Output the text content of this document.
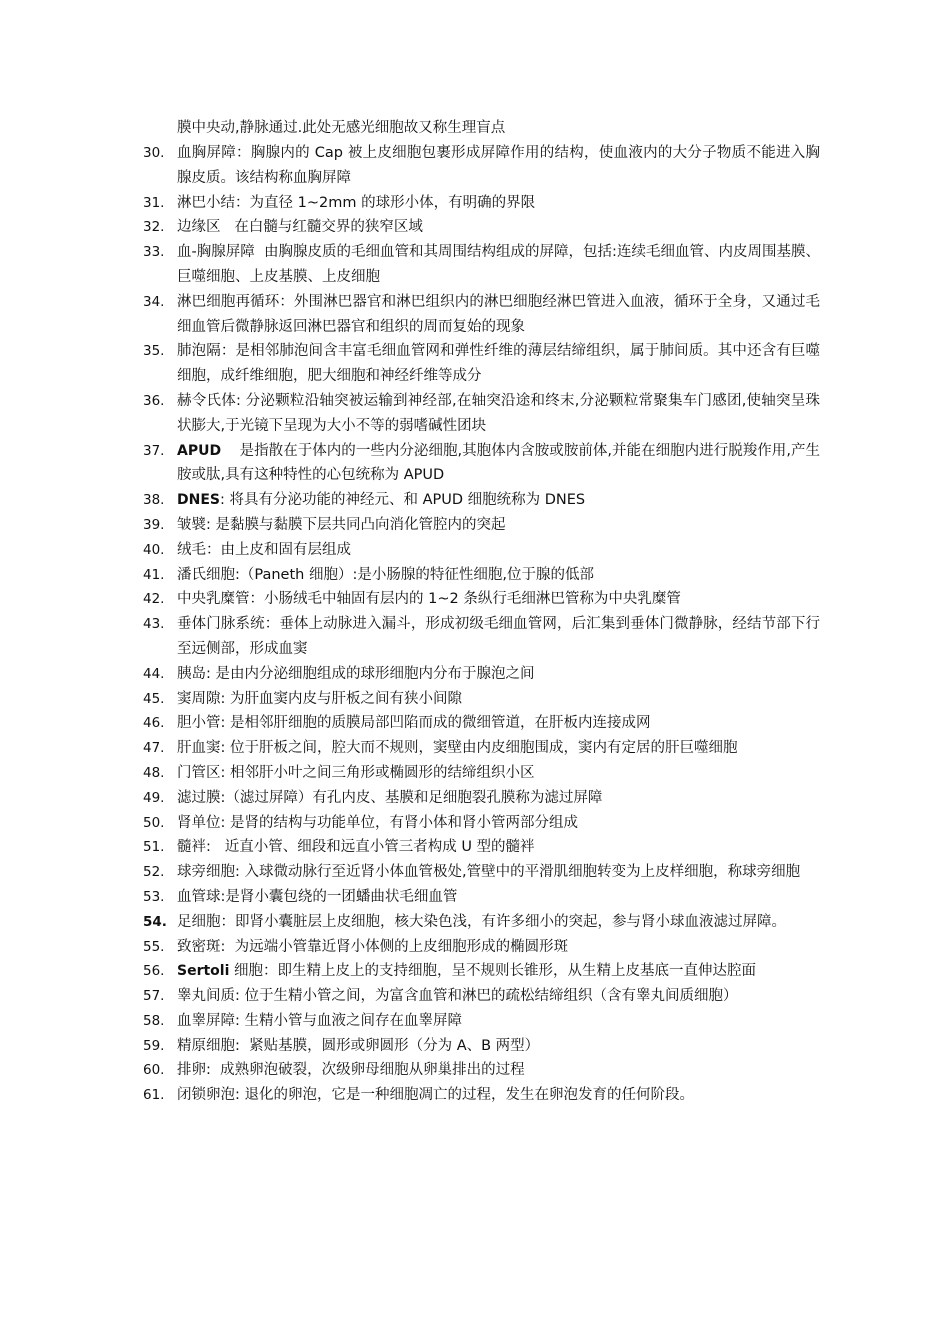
膜中央动,静脉通过.此处无感光细胞故又称生理盲点
30. 血胸屏障：胸腺内的 Cap 被上皮细胞包裹形成屏障作用的结构，使血液内的大分子物质不能进入胸腺皮质。该结构称血胸屏障
31. 淋巴小结：为直径 1~2mm 的球形小体，有明确的界限
32. 边缘区   在白髓与红髓交界的狭窄区域
33. 血-胸腺屏障  由胸腺皮质的毛细血管和其周围结构组成的屏障，包括:连续毛细血管、内皮周围基膜、巨噬细胞、上皮基膜、上皮细胞
34. 淋巴细胞再循环：外围淋巴器官和淋巴组织内的淋巴细胞经淋巴管进入血液，循环于全身，又通过毛细血管后微静脉返回淋巴器官和组织的周而复始的现象
35. 肺泡隔：是相邻肺泡间含丰富毛细血管网和弹性纤维的薄层结缔组织，属于肺间质。其中还含有巨噬细胞，成纤维细胞，肥大细胞和神经纤维等成分
36. 赫令氏体: 分泌颗粒沿轴突被运输到神经部,在轴突沿途和终末,分泌颗粒常聚集车门感团,使轴突呈珠状膨大,于光镜下呈现为大小不等的弱嗜碱性团块
37. APUD    是指散在于体内的一些内分泌细胞,其胞体内含胺或胺前体,并能在细胞内进行脱羧作用,产生胺或肽,具有这种特性的心包统称为 APUD
38. DNES: 将具有分泌功能的神经元、和 APUD 细胞统称为 DNES
39. 皱襞: 是黏膜与黏膜下层共同凸向消化管腔内的突起
40. 绒毛：由上皮和固有层组成
41. 潘氏细胞:（Paneth 细胞）:是小肠腺的特征性细胞,位于腺的低部
42. 中央乳糜管：小肠绒毛中轴固有层内的 1~2 条纵行毛细淋巴管称为中央乳糜管
43. 垂体门脉系统：垂体上动脉进入漏斗，形成初级毛细血管网，后汇集到垂体门微静脉，经结节部下行至远侧部，形成血窦
44. 胰岛: 是由内分泌细胞组成的球形细胞内分布于腺泡之间
45. 窦周隙: 为肝血窦内皮与肝板之间有狭小间隙
46. 胆小管: 是相邻肝细胞的质膜局部凹陷而成的微细管道，在肝板内连接成网
47. 肝血窦: 位于肝板之间，腔大而不规则，窦壁由内皮细胞围成，窦内有定居的肝巨噬细胞
48. 门管区: 相邻肝小叶之间三角形或椭圆形的结缔组织小区
49. 滤过膜:（滤过屏障）有孔内皮、基膜和足细胞裂孔膜称为滤过屏障
50. 肾单位: 是肾的结构与功能单位，有肾小体和肾小管两部分组成
51. 髓袢:   近直小管、细段和远直小管三者构成 U 型的髓袢
52. 球旁细胞: 入球微动脉行至近肾小体血管极处,管壁中的平滑肌细胞转变为上皮样细胞，称球旁细胞
53. 血管球:是肾小囊包绕的一团蟠曲状毛细血管
54. 足细胞：即肾小囊脏层上皮细胞，核大染色浅，有许多细小的突起，参与肾小球血液滤过屏障。
55. 致密斑:  为远端小管靠近肾小体侧的上皮细胞形成的椭圆形斑
56. Sertoli 细胞：即生精上皮上的支持细胞，呈不规则长锥形，从生精上皮基底一直伸达腔面
57. 睾丸间质: 位于生精小管之间，为富含血管和淋巴的疏松结缔组织（含有睾丸间质细胞）
58. 血睾屏障: 生精小管与血液之间存在血睾屏障
59. 精原细胞:  紧贴基膜，圆形或卵圆形（分为 A、B 两型）
60. 排卵:  成熟卵泡破裂，次级卵母细胞从卵巢排出的过程
61. 闭锁卵泡: 退化的卵泡，它是一种细胞凋亡的过程，发生在卵泡发育的任何阶段。
